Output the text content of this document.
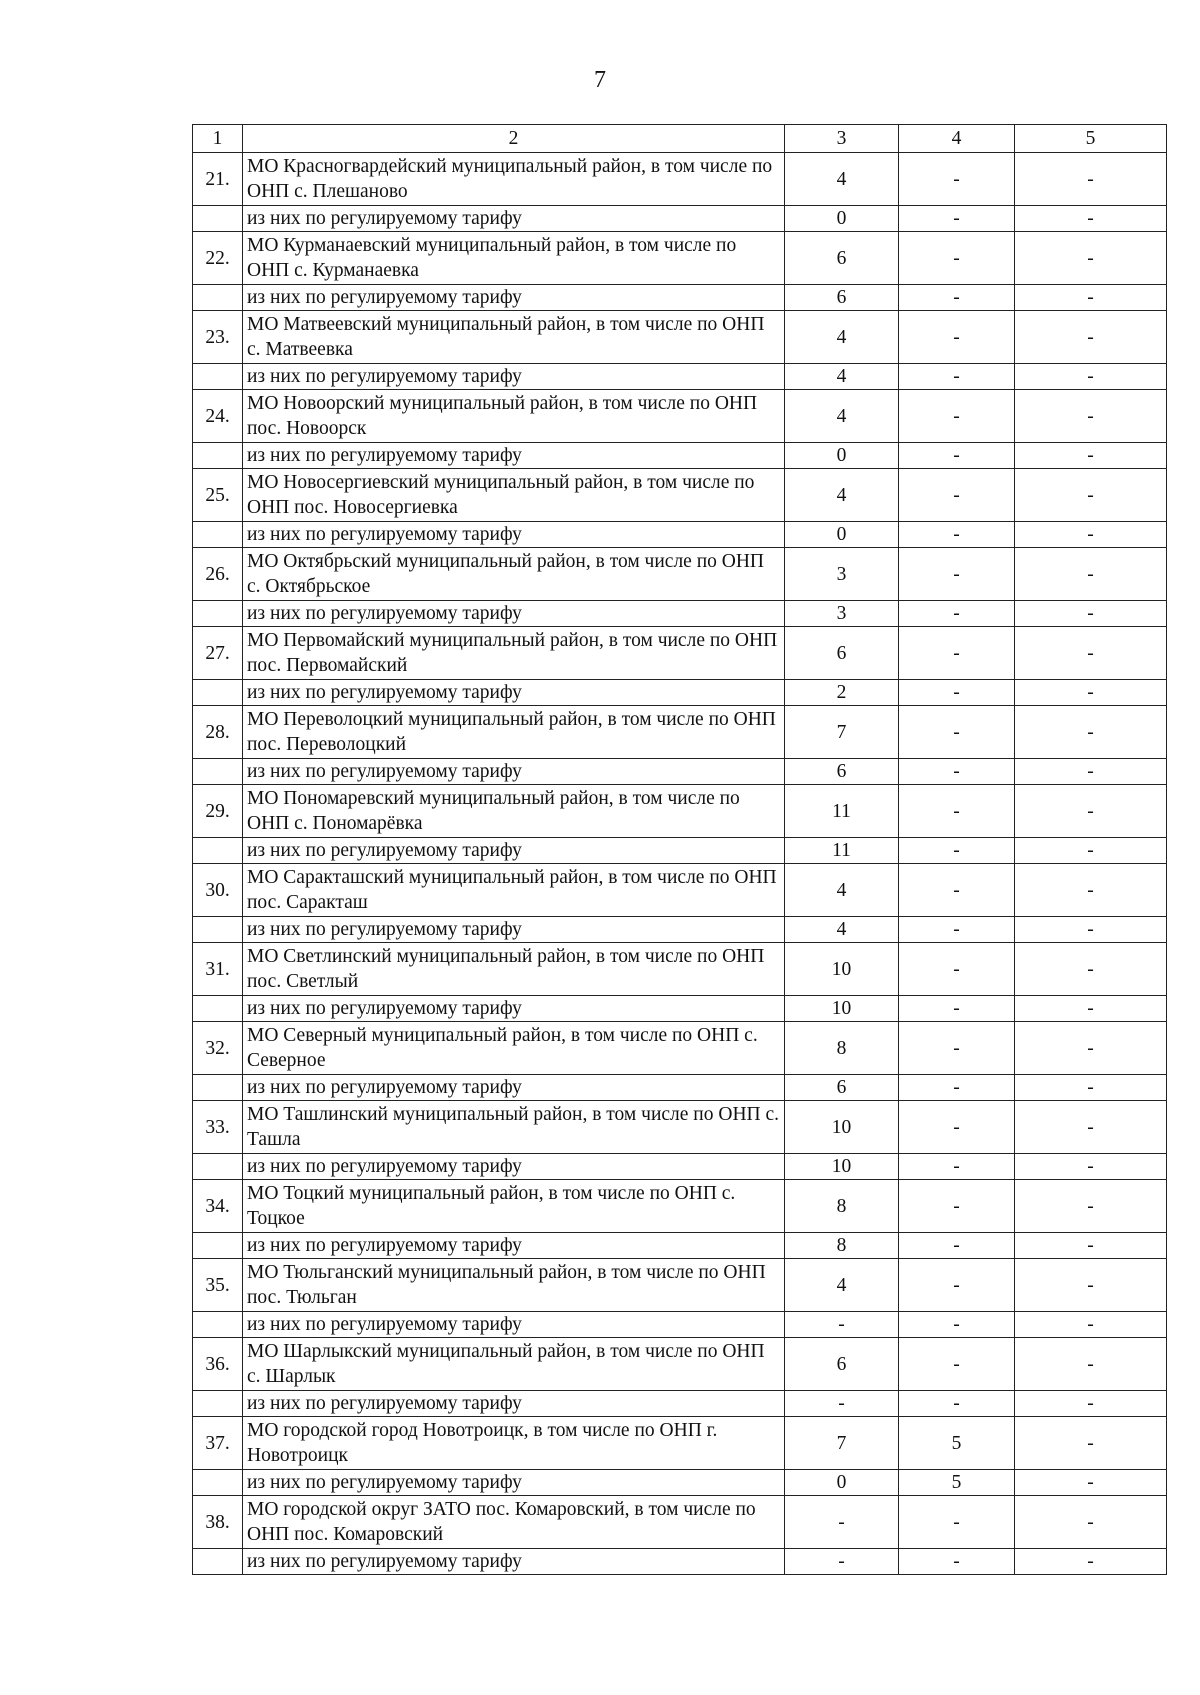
7
1	2	3	4	5
21.	МО Красногвардейский муниципальный район, в том числе по ОНП с. Плешаново	4	-	-
	из них по регулируемому тарифу	0	-	-
22.	МО Курманаевский муниципальный район, в том числе по ОНП с. Курманаевка	6	-	-
	из них по регулируемому тарифу	6	-	-
23.	МО Матвеевский муниципальный район, в том числе по ОНП с. Матвеевка	4	-	-
	из них по регулируемому тарифу	4	-	-
24.	МО Новоорский муниципальный район, в том числе по ОНП пос. Новоорск	4	-	-
	из них по регулируемому тарифу	0	-	-
25.	МО Новосергиевский муниципальный район, в том числе по ОНП пос. Новосергиевка	4	-	-
	из них по регулируемому тарифу	0	-	-
26.	МО Октябрьский муниципальный район, в том числе по ОНП с. Октябрьское	3	-	-
	из них по регулируемому тарифу	3	-	-
27.	МО Первомайский муниципальный район, в том числе по ОНП пос. Первомайский	6	-	-
	из них по регулируемому тарифу	2	-	-
28.	МО Переволоцкий муниципальный район, в том числе по ОНП пос. Переволоцкий	7	-	-
	из них по регулируемому тарифу	6	-	-
29.	МО Пономаревский муниципальный район, в том числе по ОНП с. Пономарёвка	11	-	-
	из них по регулируемому тарифу	11	-	-
30.	МО Саракташский муниципальный район, в том числе по ОНП пос. Саракташ	4	-	-
	из них по регулируемому тарифу	4	-	-
31.	МО Светлинский муниципальный район, в том числе по ОНП пос. Светлый	10	-	-
	из них по регулируемому тарифу	10	-	-
32.	МО Северный муниципальный район, в том числе по ОНП с. Северное	8	-	-
	из них по регулируемому тарифу	6	-	-
33.	МО Ташлинский муниципальный район, в том числе по ОНП с. Ташла	10	-	-
	из них по регулируемому тарифу	10	-	-
34.	МО Тоцкий муниципальный район, в том числе по ОНП с. Тоцкое	8	-	-
	из них по регулируемому тарифу	8	-	-
35.	МО Тюльганский муниципальный район, в том числе по ОНП пос. Тюльган	4	-	-
	из них по регулируемому тарифу	-	-	-
36.	МО Шарлыкский муниципальный район, в том числе по ОНП с. Шарлык	6	-	-
	из них по регулируемому тарифу	-	-	-
37.	МО городской город Новотроицк, в том числе по ОНП г. Новотроицк	7	5	-
	из них по регулируемому тарифу	0	5	-
38.	МО городской округ ЗАТО пос. Комаровский, в том числе по ОНП пос. Комаровский	-	-	-
	из них по регулируемому тарифу	-	-	-
